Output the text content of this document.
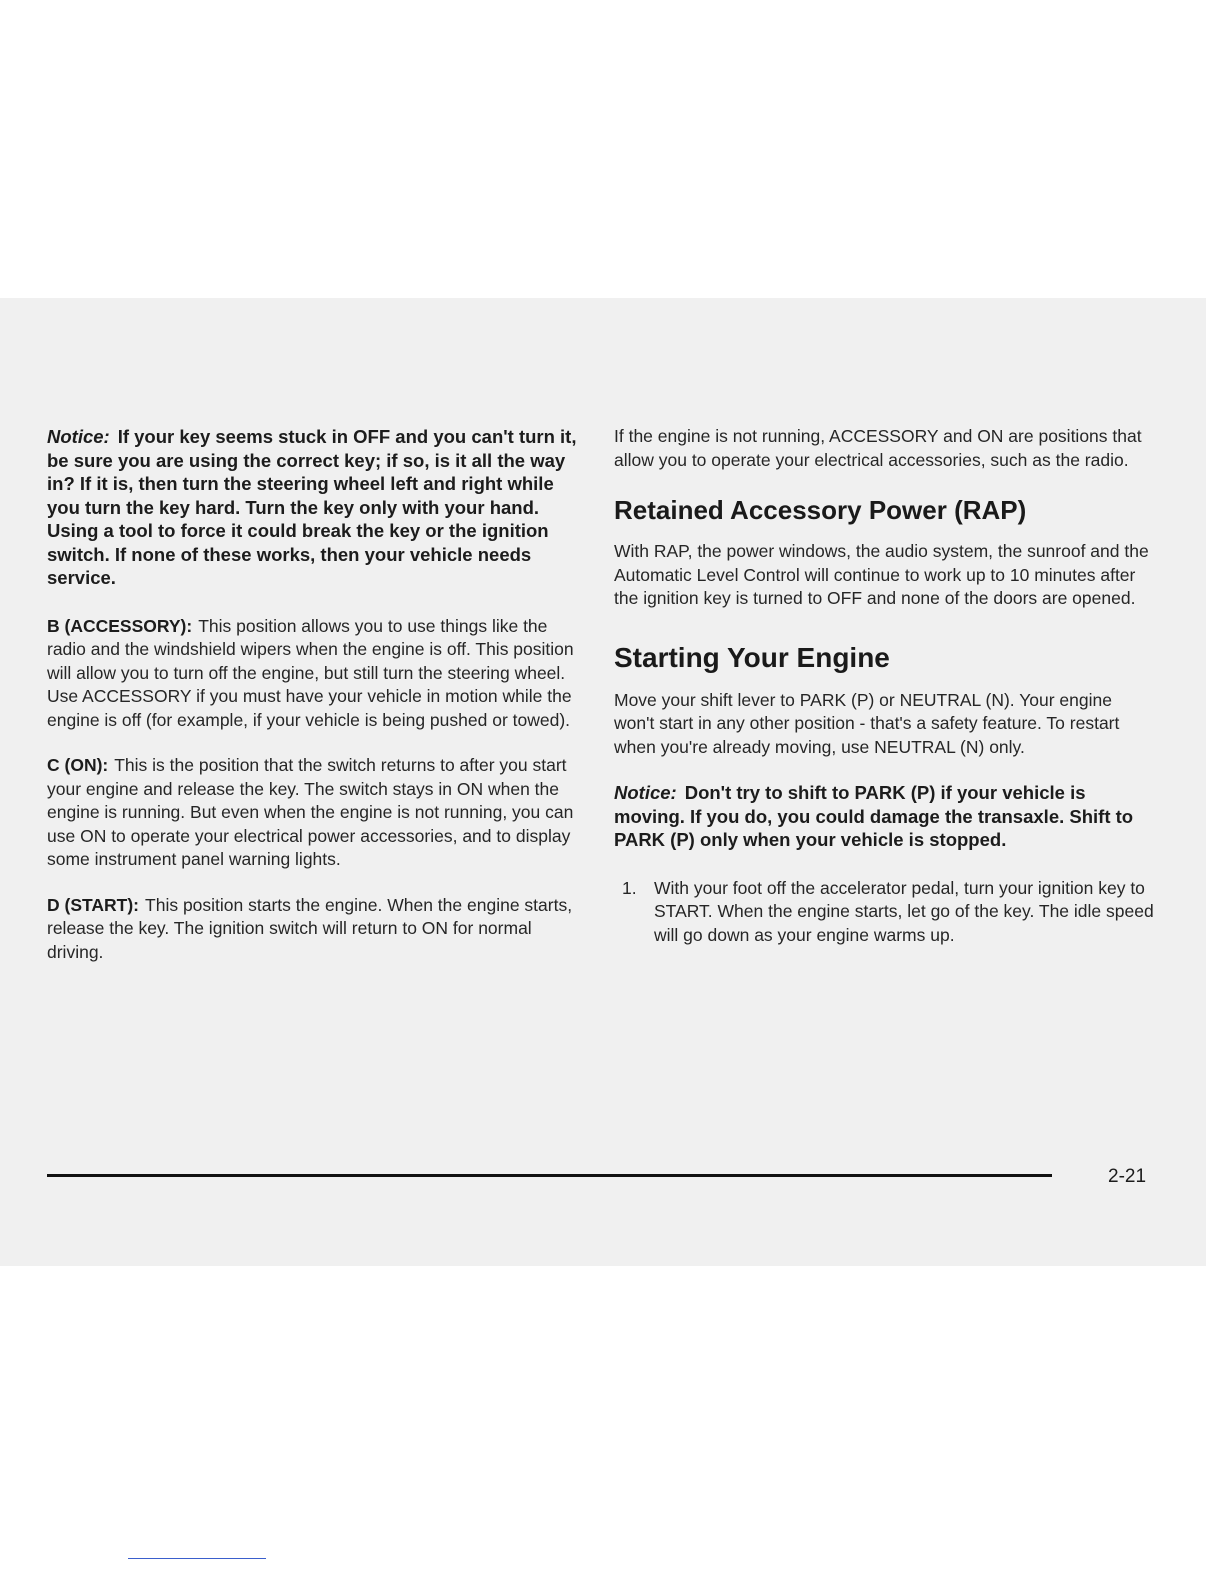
Notice: If your key seems stuck in OFF and you can't turn it, be sure you are using the correct key; if so, is it all the way in? If it is, then turn the steering wheel left and right while you turn the key hard. Turn the key only with your hand. Using a tool to force it could break the key or the ignition switch. If none of these works, then your vehicle needs service.

B (ACCESSORY): This position allows you to use things like the radio and the windshield wipers when the engine is off. This position will allow you to turn off the engine, but still turn the steering wheel. Use ACCESSORY if you must have your vehicle in motion while the engine is off (for example, if your vehicle is being pushed or towed).

C (ON): This is the position that the switch returns to after you start your engine and release the key. The switch stays in ON when the engine is running. But even when the engine is not running, you can use ON to operate your electrical power accessories, and to display some instrument panel warning lights.

D (START): This position starts the engine. When the engine starts, release the key. The ignition switch will return to ON for normal driving.

If the engine is not running, ACCESSORY and ON are positions that allow you to operate your electrical accessories, such as the radio.

Retained Accessory Power (RAP)

With RAP, the power windows, the audio system, the sunroof and the Automatic Level Control will continue to work up to 10 minutes after the ignition key is turned to OFF and none of the doors are opened.

Starting Your Engine

Move your shift lever to PARK (P) or NEUTRAL (N). Your engine won't start in any other position - that's a safety feature. To restart when you're already moving, use NEUTRAL (N) only.

Notice: Don't try to shift to PARK (P) if your vehicle is moving. If you do, you could damage the transaxle. Shift to PARK (P) only when your vehicle is stopped.

1. With your foot off the accelerator pedal, turn your ignition key to START. When the engine starts, let go of the key. The idle speed will go down as your engine warms up.
2-21
